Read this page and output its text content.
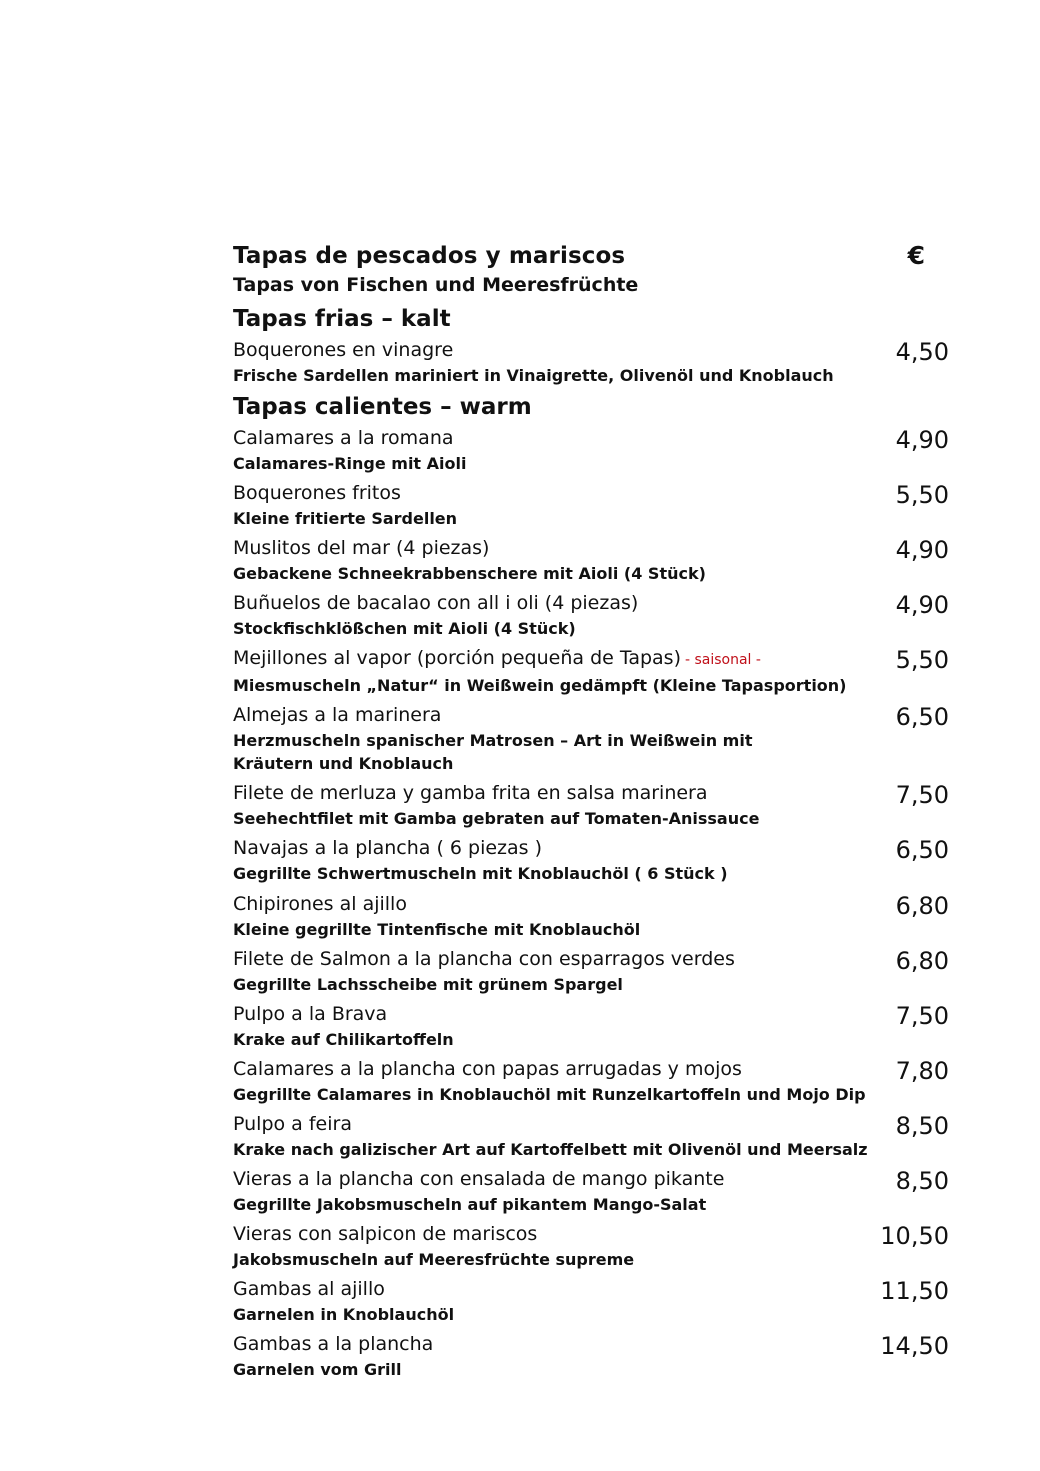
Tapas de pescados y mariscos	€
Tapas von Fischen und Meeresfrüchte
Tapas frias – kalt
Boquerones en vinagre
Frische Sardellen mariniert in Vinaigrette, Olivenöl und Knoblauch
4,50
Tapas calientes – warm
Calamares a la romana
Calamares-Ringe mit Aioli
4,90
Boquerones fritos
Kleine fritierte Sardellen
5,50
Muslitos del mar (4 piezas)
Gebackene Schneekrabbenschere mit Aioli (4 Stück)
4,90
Buñuelos de bacalao con all i oli (4 piezas)
Stockfischklößchen mit Aioli (4 Stück)
4,90
Mejillones al vapor (porción pequeña de Tapas) - saisonal -
Miesmuscheln „Natur“ in Weißwein gedämpft (Kleine Tapasportion)
5,50
Almejas a la marinera
Herzmuscheln spanischer Matrosen – Art in Weißwein mit
Kräutern und Knoblauch
6,50
Filete de merluza y gamba frita en salsa marinera
Seehechtfilet mit Gamba gebraten auf Tomaten-Anissauce
7,50
Navajas a la plancha ( 6 piezas )
Gegrillte Schwertmuscheln mit Knoblauchöl ( 6 Stück )
6,50
Chipirones al ajillo
Kleine gegrillte Tintenfische mit Knoblauchöl
6,80
Filete de Salmon a la plancha con esparragos verdes
Gegrillte Lachsscheibe mit grünem Spargel
6,80
Pulpo a la Brava
Krake auf Chilikartoffeln
7,50
Calamares a la plancha con papas arrugadas y mojos
Gegrillte Calamares in Knoblauchöl mit Runzelkartoffeln und Mojo Dip
7,80
Pulpo a feira
Krake nach galizischer Art auf Kartoffelbett mit Olivenöl und Meersalz
8,50
Vieras a la plancha con ensalada de mango pikante
Gegrillte Jakobsmuscheln auf pikantem Mango-Salat
8,50
Vieras con salpicon de mariscos
Jakobsmuscheln auf Meeresfrüchte supreme
10,50
Gambas al ajillo
Garnelen in Knoblauchöl
11,50
Gambas a la plancha
Garnelen vom Grill
14,50
